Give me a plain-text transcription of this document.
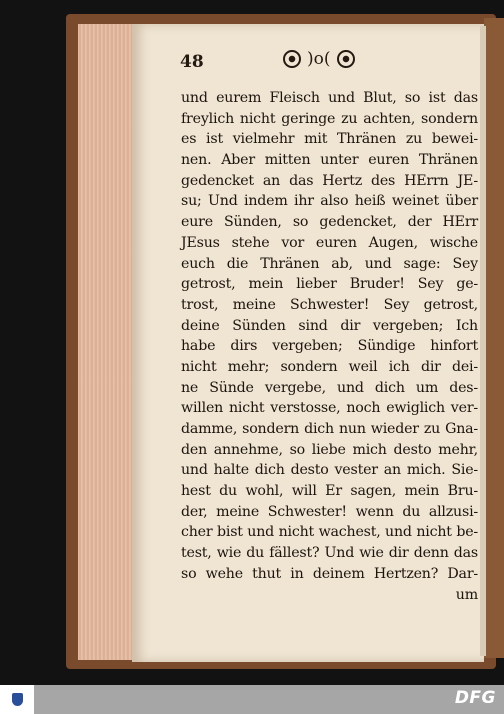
48	)o(
und eurem Fleisch und Blut, so ist das
freylich nicht geringe zu achten, sondern
es ist vielmehr mit Thränen zu bewei-
nen. Aber mitten unter euren Thränen
gedencket an das Hertz des HErrn JE-
su; Und indem ihr also heiß weinet über
eure Sünden, so gedencket, der HErr
JEsus stehe vor euren Augen, wische
euch die Thränen ab, und sage: Sey
getrost, mein lieber Bruder! Sey ge-
trost, meine Schwester! Sey getrost,
deine Sünden sind dir vergeben; Ich
habe dirs vergeben; Sündige hinfort
nicht mehr; sondern weil ich dir dei-
ne Sünde vergebe, und dich um des-
willen nicht verstosse, noch ewiglich ver-
damme, sondern dich nun wieder zu Gna-
den annehme, so liebe mich desto mehr,
und halte dich desto vester an mich. Sie-
hest du wohl, will Er sagen, mein Bru-
der, meine Schwester! wenn du allzusi-
cher bist und nicht wachest, und nicht be-
test, wie du fällest? Und wie dir denn das
so wehe thut in deinem Hertzen? Dar-
um
DFG
